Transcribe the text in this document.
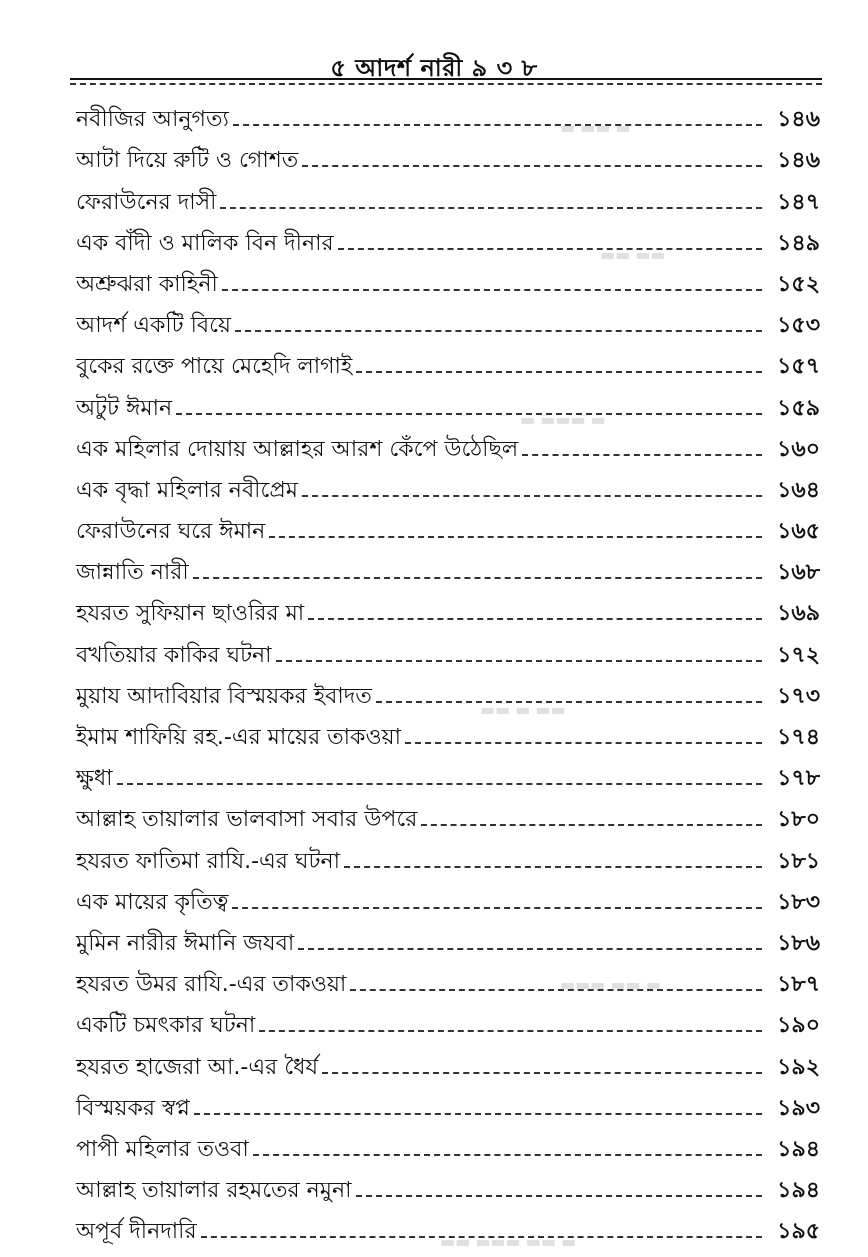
৫ আদর্শ নারী ৯ ৩ ৮
নবীজির আনুগত্য	১৪৬
আটা দিয়ে রুটি ও গোশত	১৪৬
ফেরাউনের দাসী	১৪৭
এক বাঁদী ও মালিক বিন দীনার	১৪৯
অশ্রুঝরা কাহিনী	১৫২
আদর্শ একটি বিয়ে	১৫৩
বুকের রক্তে পায়ে মেহেদি লাগাই	১৫৭
অটুট ঈমান	১৫৯
এক মহিলার দোয়ায় আল্লাহর আরশ কেঁপে উঠেছিল	১৬০
এক বৃদ্ধা মহিলার নবীপ্রেম	১৬৪
ফেরাউনের ঘরে ঈমান	১৬৫
জান্নাতি নারী	১৬৮
হযরত সুফিয়ান ছাওরির মা	১৬৯
বখতিয়ার কাকির ঘটনা	১৭২
মুয়ায আদাবিয়ার বিস্ময়কর ইবাদত	১৭৩
ইমাম শাফিয়ি রহ.-এর মায়ের তাকওয়া	১৭৪
ক্ষুধা	১৭৮
আল্লাহ তায়ালার ভালবাসা সবার উপরে	১৮০
হযরত ফাতিমা রাযি.-এর ঘটনা	১৮১
এক মায়ের কৃতিত্ব	১৮৩
মুমিন নারীর ঈমানি জযবা	১৮৬
হযরত উমর রাযি.-এর তাকওয়া	১৮৭
একটি চমৎকার ঘটনা	১৯০
হযরত হাজেরা আ.-এর ধৈর্য	১৯২
বিস্ময়কর স্বপ্ন	১৯৩
পাপী মহিলার তওবা	১৯৪
আল্লাহ তায়ালার রহমতের নমুনা	১৯৪
অপূর্ব দীনদারি	১৯৫
▬ ▬▬ ▬
▬▬ ▬▬
▬ ▬▬▬ ▬
▬▬ ▬ ▬▬
▬▬▬ ▬▬ ▬
▬▬ ▬▬▬ ▬▬ ▬
